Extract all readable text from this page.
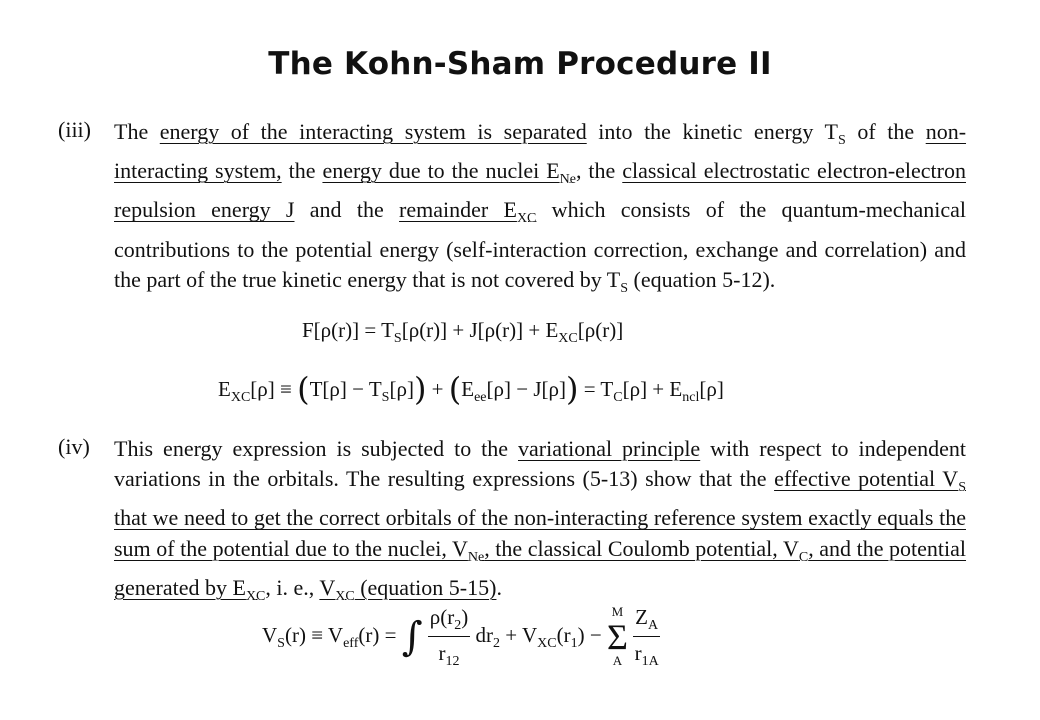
The Kohn-Sham Procedure II
(iii) The energy of the interacting system is separated into the kinetic energy $T_S$ of the non-interacting system, the energy due to the nuclei $E_{Ne}$, the classical electrostatic electron-electron repulsion energy J and the remainder $E_{XC}$ which consists of the quantum-mechanical contributions to the potential energy (self-interaction correction, exchange and correlation) and the part of the true kinetic energy that is not covered by $T_S$ (equation 5-12).
$F[\rho(r)] = T_S[\rho(r)] + J[\rho(r)] + E_{XC}[\rho(r)]$
$E_{XC}[\rho] \equiv (T[\rho] - T_S[\rho]) + (E_{ee}[\rho] - J[\rho]) = T_C[\rho] + E_{ncl}[\rho]$
(iv) This energy expression is subjected to the variational principle with respect to independent variations in the orbitals. The resulting expressions (5-13) show that the effective potential $V_S$ that we need to get the correct orbitals of the non-interacting reference system exactly equals the sum of the potential due to the nuclei, $V_{Ne}$, the classical Coulomb potential, $V_C$, and the potential generated by $E_{XC}$, i. e., $V_{XC}$ (equation 5-15).
$V_S(r) \equiv V_{eff}(r)$ = ∫ $\frac{\rho(r_2)}{r_{12}} dr_2 + V_{XC}(r_1)$ −
M
Σ
A
$\frac{Z_A}{r_{1A}}$
